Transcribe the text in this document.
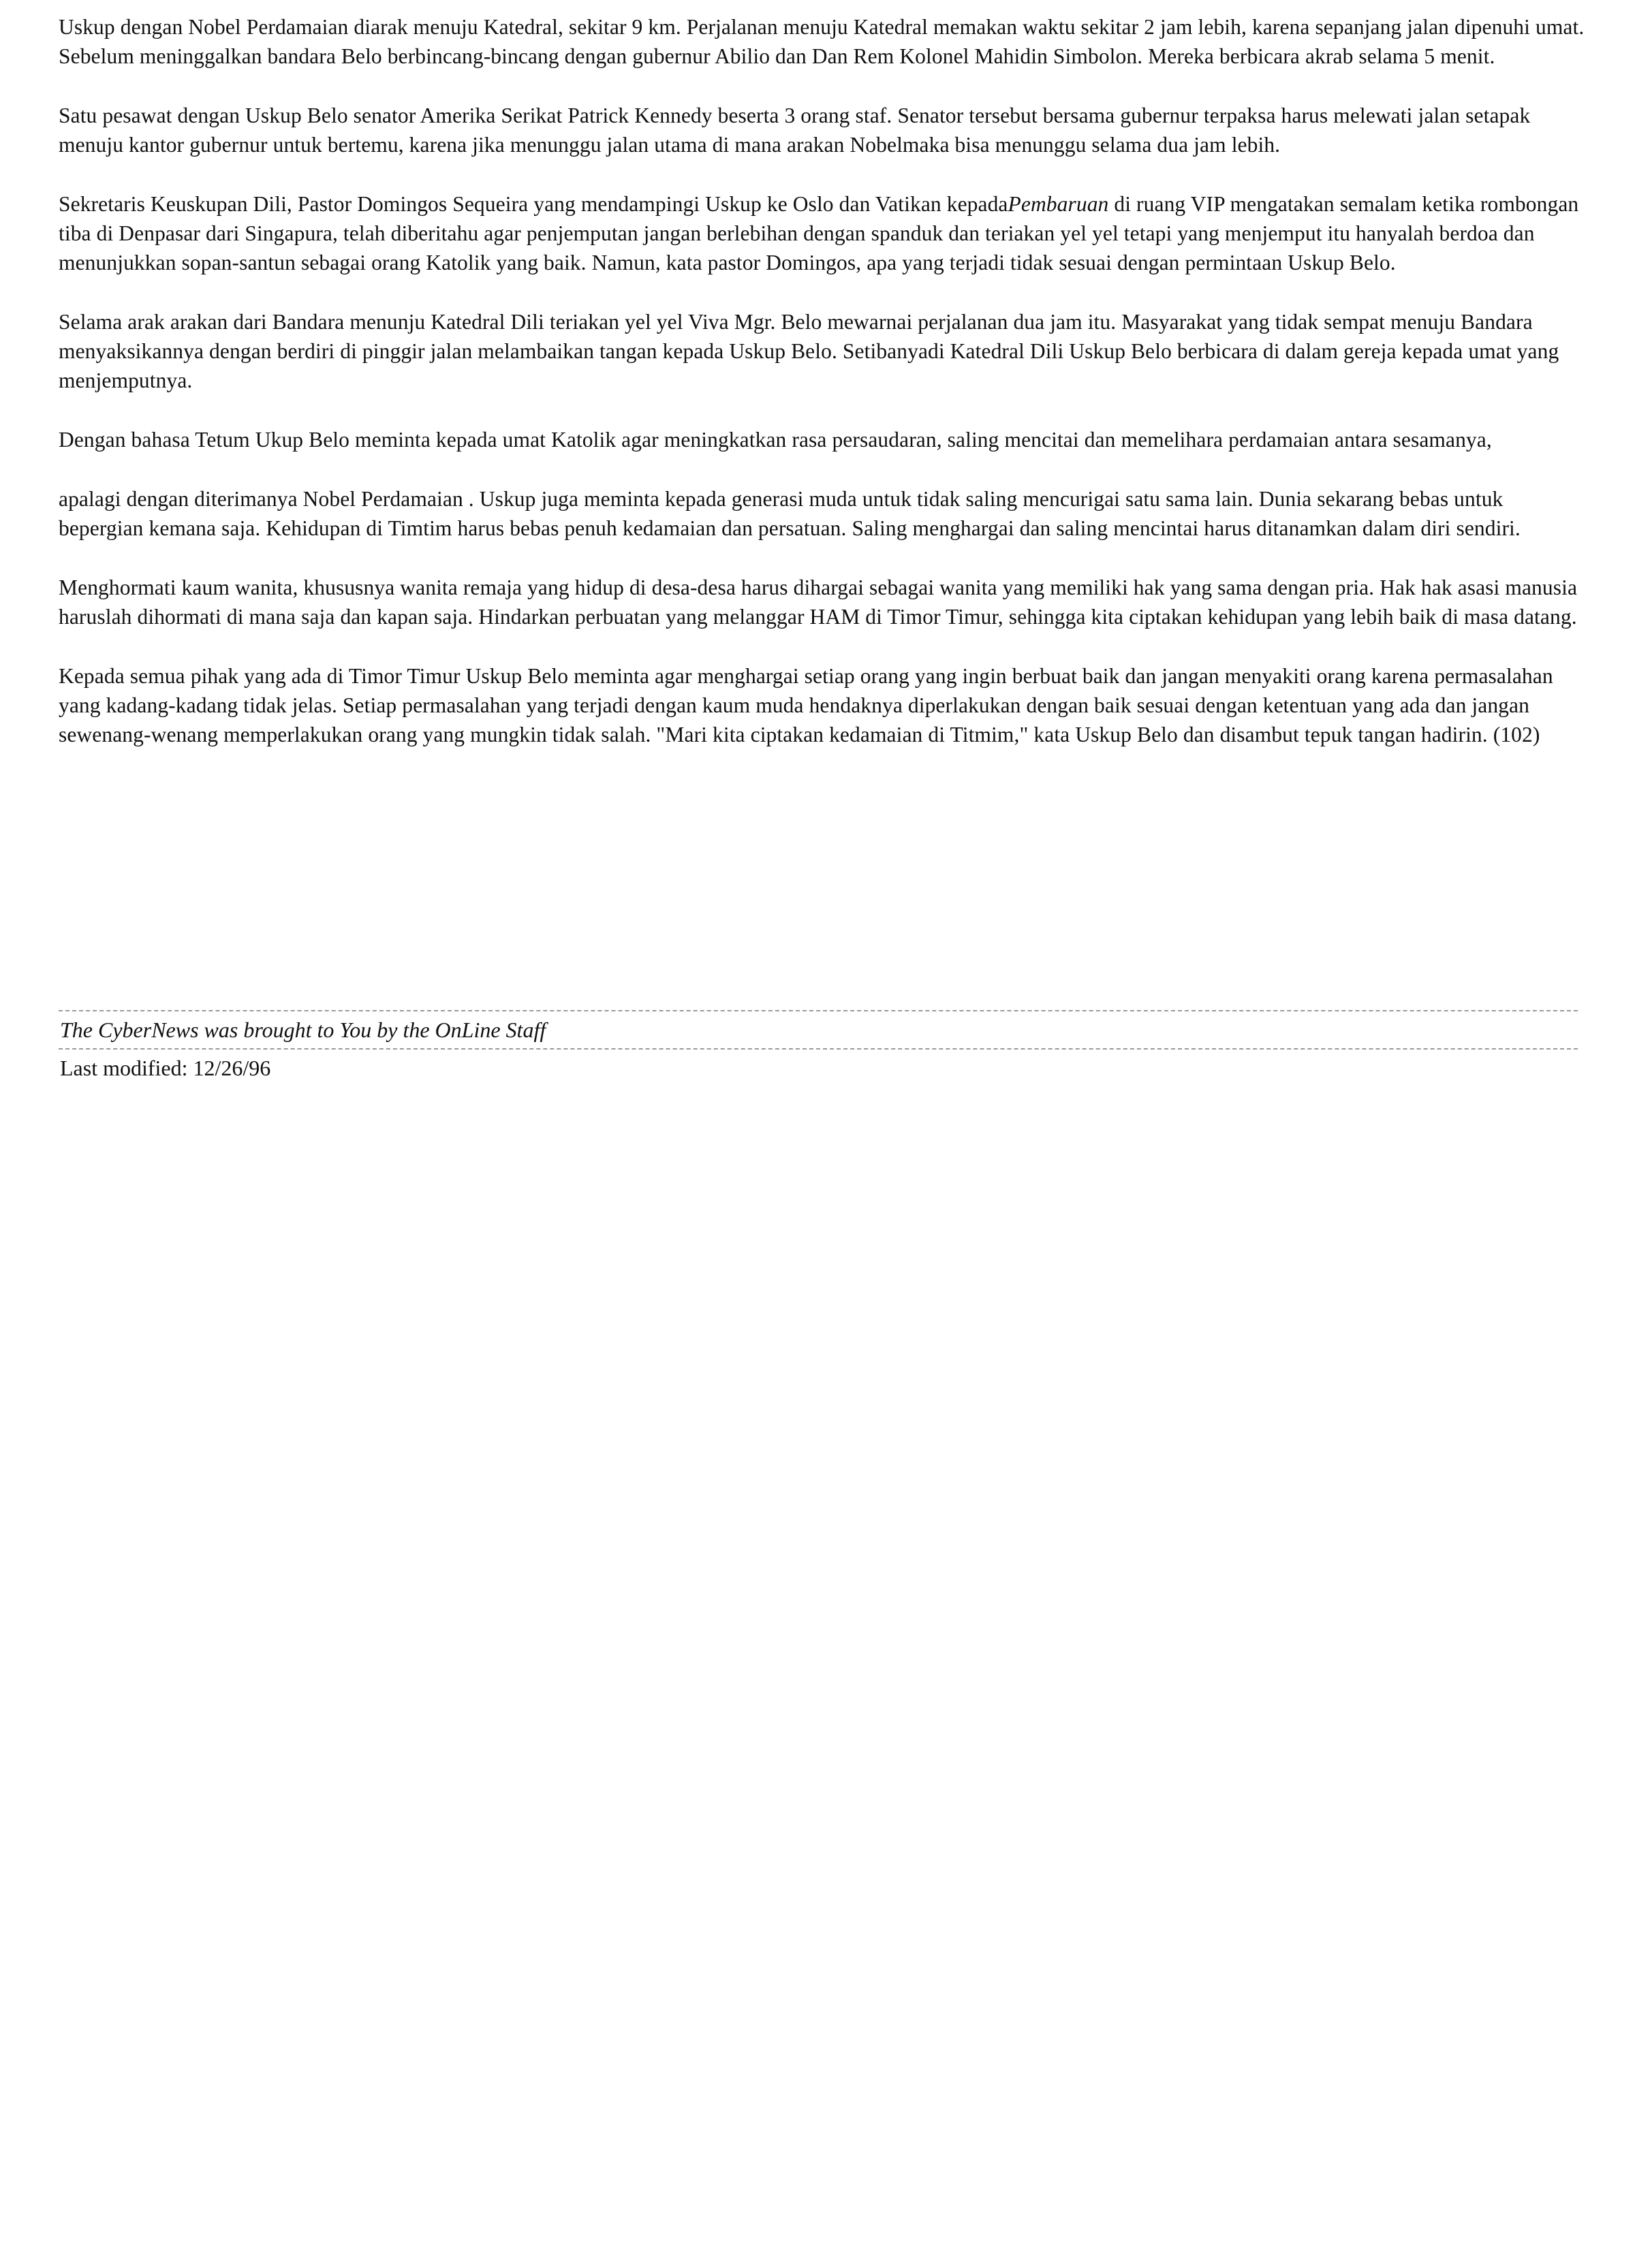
Uskup dengan Nobel Perdamaian diarak menuju Katedral, sekitar 9 km. Perjalanan menuju Katedral memakan waktu sekitar 2 jam lebih, karena sepanjang jalan dipenuhi umat. Sebelum meninggalkan bandara Belo berbincang-bincang dengan gubernur Abilio dan Dan Rem Kolonel Mahidin Simbolon. Mereka berbicara akrab selama 5 menit.

Satu pesawat dengan Uskup Belo senator Amerika Serikat Patrick Kennedy beserta 3 orang staf. Senator tersebut bersama gubernur terpaksa harus melewati jalan setapak menuju kantor gubernur untuk bertemu, karena jika menunggu jalan utama di mana arakan Nobelmaka bisa menunggu selama dua jam lebih.

Sekretaris Keuskupan Dili, Pastor Domingos Sequeira yang mendampingi Uskup ke Oslo dan Vatikan kepadaPembaruan di ruang VIP mengatakan semalam ketika rombongan tiba di Denpasar dari Singapura, telah diberitahu agar penjemputan jangan berlebihan dengan spanduk dan teriakan yel yel tetapi yang menjemput itu hanyalah berdoa dan menunjukkan sopan-santun sebagai orang Katolik yang baik. Namun, kata pastor Domingos, apa yang terjadi tidak sesuai dengan permintaan Uskup Belo.

Selama arak arakan dari Bandara menunju Katedral Dili teriakan yel yel Viva Mgr. Belo mewarnai perjalanan dua jam itu. Masyarakat yang tidak sempat menuju Bandara menyaksikannya dengan berdiri di pinggir jalan melambaikan tangan kepada Uskup Belo. Setibanyadi Katedral Dili Uskup Belo berbicara di dalam gereja kepada umat yang menjemputnya.

Dengan bahasa Tetum Ukup Belo meminta kepada umat Katolik agar meningkatkan rasa persaudaran, saling mencitai dan memelihara perdamaian antara sesamanya,

apalagi dengan diterimanya Nobel Perdamaian . Uskup juga meminta kepada generasi muda untuk tidak saling mencurigai satu sama lain. Dunia sekarang bebas untuk bepergian kemana saja. Kehidupan di Timtim harus bebas penuh kedamaian dan persatuan. Saling menghargai dan saling mencintai harus ditanamkan dalam diri sendiri.

Menghormati kaum wanita, khususnya wanita remaja yang hidup di desa-desa harus dihargai sebagai wanita yang memiliki hak yang sama dengan pria. Hak hak asasi manusia haruslah dihormati di mana saja dan kapan saja. Hindarkan perbuatan yang melanggar HAM di Timor Timur, sehingga kita ciptakan kehidupan yang lebih baik di masa datang.

Kepada semua pihak yang ada di Timor Timur Uskup Belo meminta agar menghargai setiap orang yang ingin berbuat baik dan jangan menyakiti orang karena permasalahan yang kadang-kadang tidak jelas. Setiap permasalahan yang terjadi dengan kaum muda hendaknya diperlakukan dengan baik sesuai dengan ketentuan yang ada dan jangan sewenang-wenang memperlakukan orang yang mungkin tidak salah. "Mari kita ciptakan kedamaian di Titmim," kata Uskup Belo dan disambut tepuk tangan hadirin. (102)

The CyberNews was brought to You by the OnLine Staff
Last modified: 12/26/96
